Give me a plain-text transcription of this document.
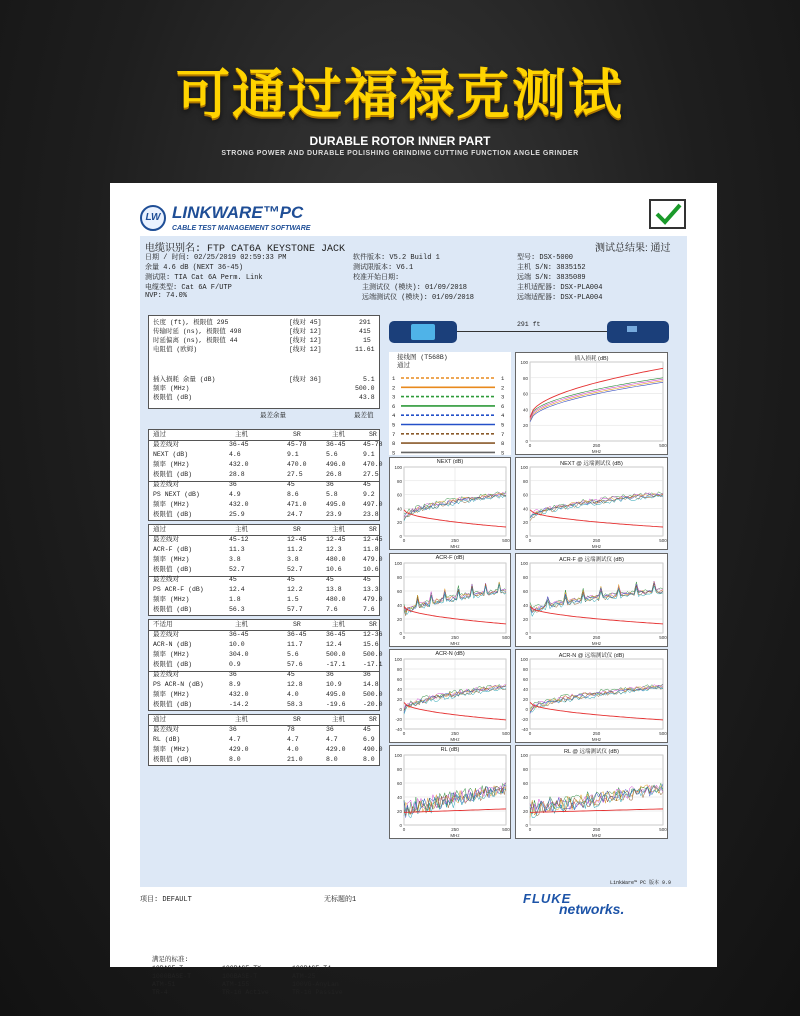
可通过福禄克测试
DURABLE ROTOR INNER PART
STRONG POWER AND DURABLE POLISHING GRINDING CUTTING FUNCTION ANGLE GRINDER
LW LINKWARE™PC
CABLE TEST MANAGEMENT SOFTWARE
电缆识别名: FTP CAT6A KEYSTONE JACK	测试总结果: 通过
日期 / 时间: 02/25/2019 02:59:33 PM
余量 4.6 dB (NEXT 36-45)
测试限: TIA Cat 6A Perm. Link
电缆类型: Cat 6A F/UTP
NVP: 74.0%
软件版本: V5.2 Build 1
测试限版本: V6.1
校准开始日期:
主测试仪 (模块): 01/09/2018
远端测试仪 (模块): 01/09/2018
型号: DSX-5000
主机 S/N: 3835152
远端 S/N: 3835089
主机适配器: DSX-PLA004
远端适配器: DSX-PLA004
长度 (ft), 极限值 295	[线对 45]	291
传输时延 (ns), 极限值 498	[线对 12]	415
时延偏离 (ns), 极限值 44	[线对 12]	15
电阻值 (欧姆)	[线对 12]	11.61
插入损耗 余量 (dB)	[线对 36]	5.1
频率 (MHz)	500.0
极限值 (dB)	43.8
最差余量	最差值
通过	主机	SR	主机	SR
最差线对	36-45	45-78	36-45	45-78
NEXT (dB)	4.6	9.1	5.6	9.1
频率 (MHz)	432.0	470.0	496.0	470.0
极限值 (dB)	28.8	27.5	26.8	27.5
最差线对	36	45	36	45
PS NEXT (dB)	4.9	8.6	5.8	9.2
频率 (MHz)	432.0	471.0	495.0	497.0
极限值 (dB)	25.9	24.7	23.9	23.8
通过	主机	SR	主机	SR
最差线对	45-12	12-45	12-45	12-45
ACR-F (dB)	11.3	11.2	12.3	11.8
频率 (MHz)	3.8	3.8	480.0	479.0
极限值 (dB)	52.7	52.7	10.6	10.6
最差线对	45	45	45	45
PS ACR-F (dB)	12.4	12.2	13.8	13.3
频率 (MHz)	1.8	1.5	480.0	479.0
极限值 (dB)	56.3	57.7	7.6	7.6
不适用	主机	SR	主机	SR
最差线对	36-45	36-45	36-45	12-36
ACR-N (dB)	10.0	11.7	12.4	15.6
频率 (MHz)	304.0	5.6	500.0	500.0
极限值 (dB)	0.9	57.6	-17.1	-17.1
最差线对	36	45	36	36
PS ACR-N (dB)	8.9	12.8	10.9	14.8
频率 (MHz)	432.0	4.0	495.0	500.0
极限值 (dB)	-14.2	58.3	-19.6	-20.0
通过	主机	SR	主机	SR
最差线对	36	78	36	45
RL (dB)	4.7	4.7	4.7	6.9
频率 (MHz)	429.0	4.0	429.0	490.0
极限值 (dB)	8.0	21.0	8.0	8.0
满足的标准:
10BASE-T	100BASE-TX	100BASE-T4
1000BASE-T	10GBASE-T	ATM-25
ATM-51	ATM-155	100VG-AnyLan
TR-4	TR-16 Active	TR-16 Passive
291 ft
接线图 (T568B)
通过
1	1
2	2
3	3
6	6
4	4
5	5
7	7
8	8
S	S
插入损耗 (dB)
100
80
60
40
20
0
0	250	500
MHz
NEXT (dB)
100
80
60
40
20
0
0	250	500
MHz
NEXT @ 远端测试仪 (dB)
100
80
60
40
20
0
0	250	500
MHz
ACR-F (dB)
100
80
60
40
20
0
0	250	500
MHz
ACR-F @ 远端测试仪 (dB)
100
80
60
40
20
0
0	250	500
MHz
ACR-N (dB)
100
80
60
40
20
0
-20
-40
0	250	500
MHz
ACR-N @ 远端测试仪 (dB)
100
80
60
40
20
0
-20
-40
0	250	500
MHz
RL (dB)
100
80
60
40
20
0
0	250	500
MHz
RL @ 远端测试仪 (dB)
100
80
60
40
20
0
0	250	500
MHz
LinkWare™ PC 版本 9.9
项目: DEFAULT	无标题的1	FLUKE
networks.
